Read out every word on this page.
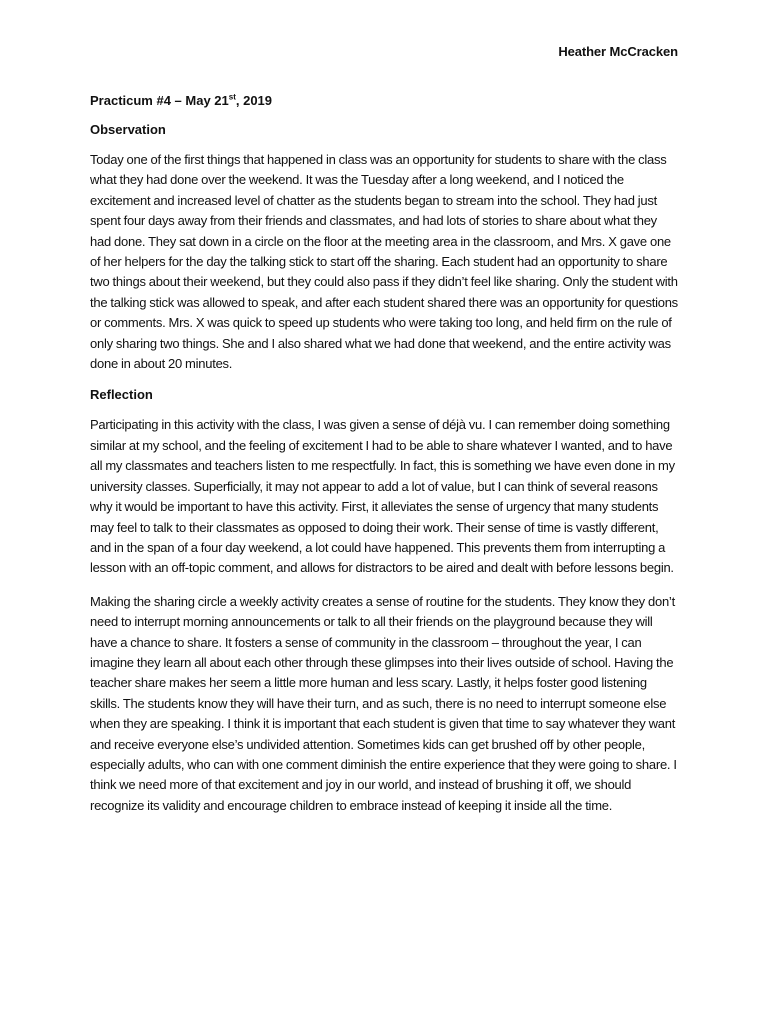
Heather McCracken
Practicum #4 – May 21st, 2019
Observation

Today one of the first things that happened in class was an opportunity for students to share with the class what they had done over the weekend. It was the Tuesday after a long weekend, and I noticed the excitement and increased level of chatter as the students began to stream into the school. They had just spent four days away from their friends and classmates, and had lots of stories to share about what they had done. They sat down in a circle on the floor at the meeting area in the classroom, and Mrs. X gave one of her helpers for the day the talking stick to start off the sharing. Each student had an opportunity to share two things about their weekend, but they could also pass if they didn’t feel like sharing. Only the student with the talking stick was allowed to speak, and after each student shared there was an opportunity for questions or comments. Mrs. X was quick to speed up students who were taking too long, and held firm on the rule of only sharing two things. She and I also shared what we had done that weekend, and the entire activity was done in about 20 minutes.

Reflection

Participating in this activity with the class, I was given a sense of déjà vu. I can remember doing something similar at my school, and the feeling of excitement I had to be able to share whatever I wanted, and to have all my classmates and teachers listen to me respectfully. In fact, this is something we have even done in my university classes. Superficially, it may not appear to add a lot of value, but I can think of several reasons why it would be important to have this activity. First, it alleviates the sense of urgency that many students may feel to talk to their classmates as opposed to doing their work. Their sense of time is vastly different, and in the span of a four day weekend, a lot could have happened. This prevents them from interrupting a lesson with an off-topic comment, and allows for distractors to be aired and dealt with before lessons begin.

Making the sharing circle a weekly activity creates a sense of routine for the students. They know they don’t need to interrupt morning announcements or talk to all their friends on the playground because they will have a chance to share. It fosters a sense of community in the classroom – throughout the year, I can imagine they learn all about each other through these glimpses into their lives outside of school. Having the teacher share makes her seem a little more human and less scary. Lastly, it helps foster good listening skills. The students know they will have their turn, and as such, there is no need to interrupt someone else when they are speaking. I think it is important that each student is given that time to say whatever they want and receive everyone else’s undivided attention. Sometimes kids can get brushed off by other people, especially adults, who can with one comment diminish the entire experience that they were going to share. I think we need more of that excitement and joy in our world, and instead of brushing it off, we should recognize its validity and encourage children to embrace instead of keeping it inside all the time.
